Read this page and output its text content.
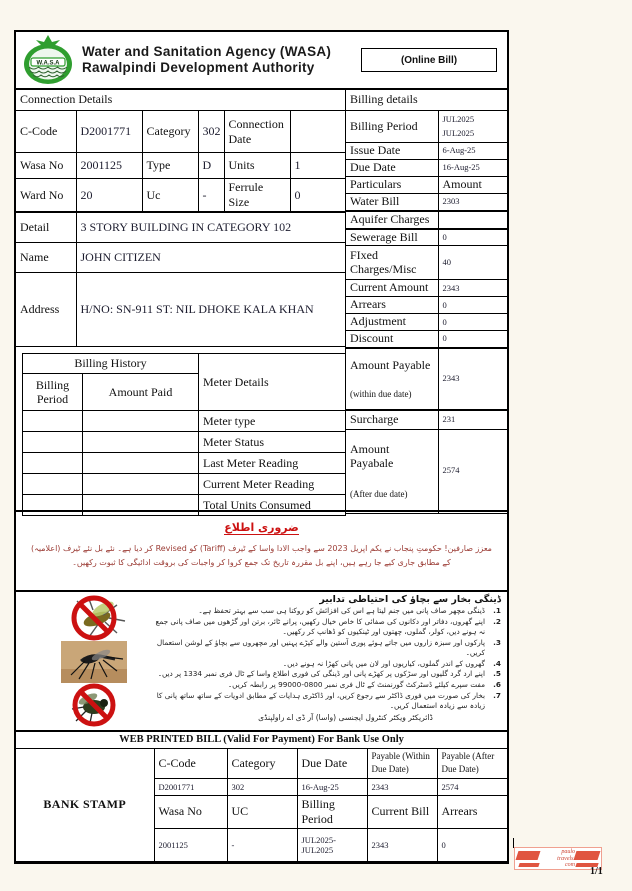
W.A.S.A
Water and Sanitation Agency (WASA)
Rawalpindi Development Authority	(Online Bill)
Connection Details
C-Code	D2001771	Category	302	Connection Date	
Wasa No	2001125	Type	D	Units	1
Ward No	20	Uc	-	Ferrule Size	0
Detail	3 STORY BUILDING IN CATEGORY 102
Name	JOHN CITIZEN
Address	H/NO: SN-911 ST: NIL DHOKE KALA KHAN
Billing History	
Billing Period	Amount Paid

Meter Details	
Meter type	
Meter Status	
Last Meter Reading	
Current Meter Reading	
Total Units Consumed	
Billing details
Billing Period	JUL2025
JUL2025

Issue Date	6-Aug-25
Due Date	16-Aug-25
Particulars	Amount
Water Bill	2303
Aquifer Charges	
Sewerage Bill	0
FIxed Charges/Misc	40
Current Amount	2343
Arrears	0
Adjustment	0
Discount	0

Amount Payable
(within due date)	2343
Surcharge	231

Amount
Payabale
(After due date)	2574
ضروری اطلاع
معزز صارفین! حکومتِ پنجاب نے یکم اپریل 2023 سے واجب الادا واسا کے ٹیرف (Tariff) کو Revised کر دیا ہے۔ نئے بل نئے ٹیرف (اعلامیہ) کے مطابق جاری کیے جا رہے ہیں، اپنے بل مقررہ تاریخ تک جمع کروا کر واجبات کی بروقت ادائیگی کا ثبوت رکھیں۔
ڈینگی بخار سے بچاؤ کی احتیاطی تدابیر
.1
ڈینگی مچھر صاف پانی میں جنم لیتا ہے اس کی افزائش کو روکنا ہی سب سے بہتر تحفظ ہے۔
.2
اپنے گھروں، دفاتر اور دکانوں کی صفائی کا خاص خیال رکھیں، پرانے ٹائر، برتن اور گڑھوں میں صاف پانی جمع نہ ہونے دیں، کولر، گملوں، چھتوں اور ٹینکیوں کو ڈھانپ کر رکھیں۔
.3
پارکوں اور سبزہ زاروں میں جاتے ہوئے پوری آستین والے کپڑے پہنیں اور مچھروں سے بچاؤ کے لوشن استعمال کریں۔
.4
گھروں کے اندر گملوں، کیاریوں اور لان میں پانی کھڑا نہ ہونے دیں۔
.5
اپنے ارد گرد گلیوں اور سڑکوں پر کھڑے پانی اور ڈینگی کی فوری اطلاع واسا کے ٹال فری نمبر 1334 پر دیں۔
.6
مفت سپرے کیلئے ڈسٹرکٹ گورنمنٹ کے ٹال فری نمبر 0800-99000 پر رابطہ کریں۔
.7
بخار کی صورت میں فوری ڈاکٹر سے رجوع کریں، اور ڈاکٹری ہدایات کے مطابق ادویات کے ساتھ ساتھ پانی کا زیادہ سے زیادہ استعمال کریں۔
ڈائریکٹر ویکٹر کنٹرول ایجنسی (واسا) آر ڈی اے راولپنڈی
WEB PRINTED BILL (Valid For Payment) For Bank Use Only					
BANK STAMP	C-Code	Category	Due Date	Payable (Within Due Date)	Payable (After Due Date)
	D2001771	302	16-Aug-25	2343	2574
	Wasa No	UC	Billing Period	Current Bill	Arrears
	2001125	-	JUL2025-
JUL2025	2343	0
paulo
travels.
com
1/1
